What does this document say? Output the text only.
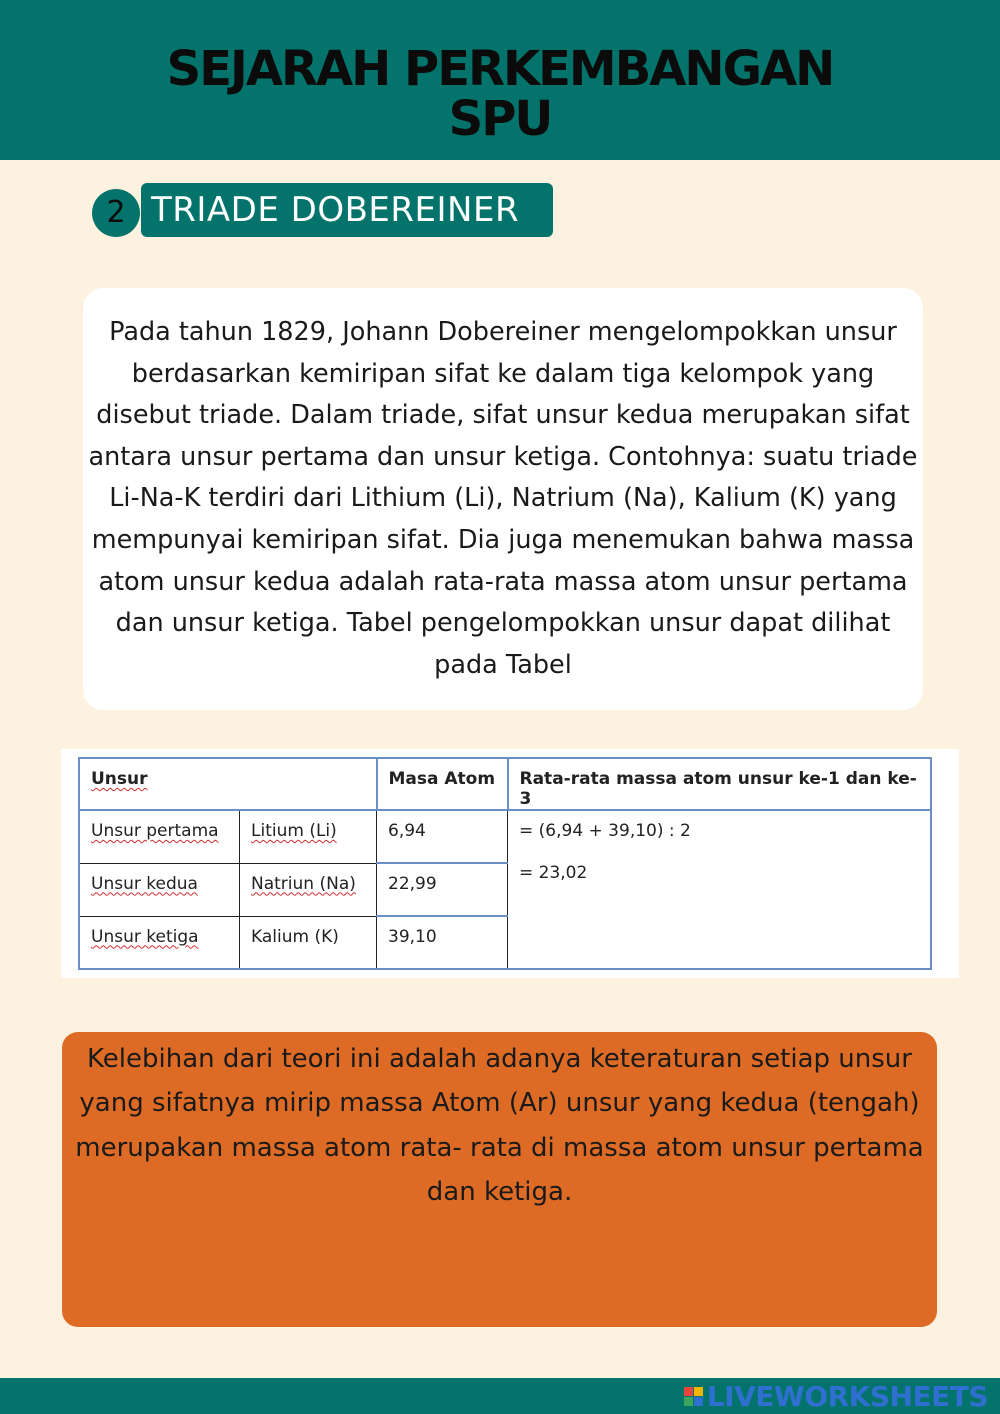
SEJARAH PERKEMBANGAN
SPU
2 TRIADE DOBEREINER
Pada tahun 1829, Johann Dobereiner mengelompokkan unsur berdasarkan kemiripan sifat ke dalam tiga kelompok yang disebut triade. Dalam triade, sifat unsur kedua merupakan sifat antara unsur pertama dan unsur ketiga. Contohnya: suatu triade Li-Na-K terdiri dari Lithium (Li), Natrium (Na), Kalium (K) yang mempunyai kemiripan sifat. Dia juga menemukan bahwa massa atom unsur kedua adalah rata-rata massa atom unsur pertama dan unsur ketiga. Tabel pengelompokkan unsur dapat dilihat pada Tabel
Unsur		Masa Atom	Rata-rata massa atom unsur ke-1 dan ke-3
Unsur pertama	Litium (Li)	6,94	= (6,94 + 39,10) : 2
= 23,02

Unsur kedua	Natriun (Na)	22,99	
Unsur ketiga	Kalium (K)	39,10	
Kelebihan dari teori ini adalah adanya keteraturan setiap unsur yang sifatnya mirip massa Atom (Ar) unsur yang kedua (tengah) merupakan massa atom rata- rata di massa atom unsur pertama dan ketiga.
LIVEWORKSHEETS
